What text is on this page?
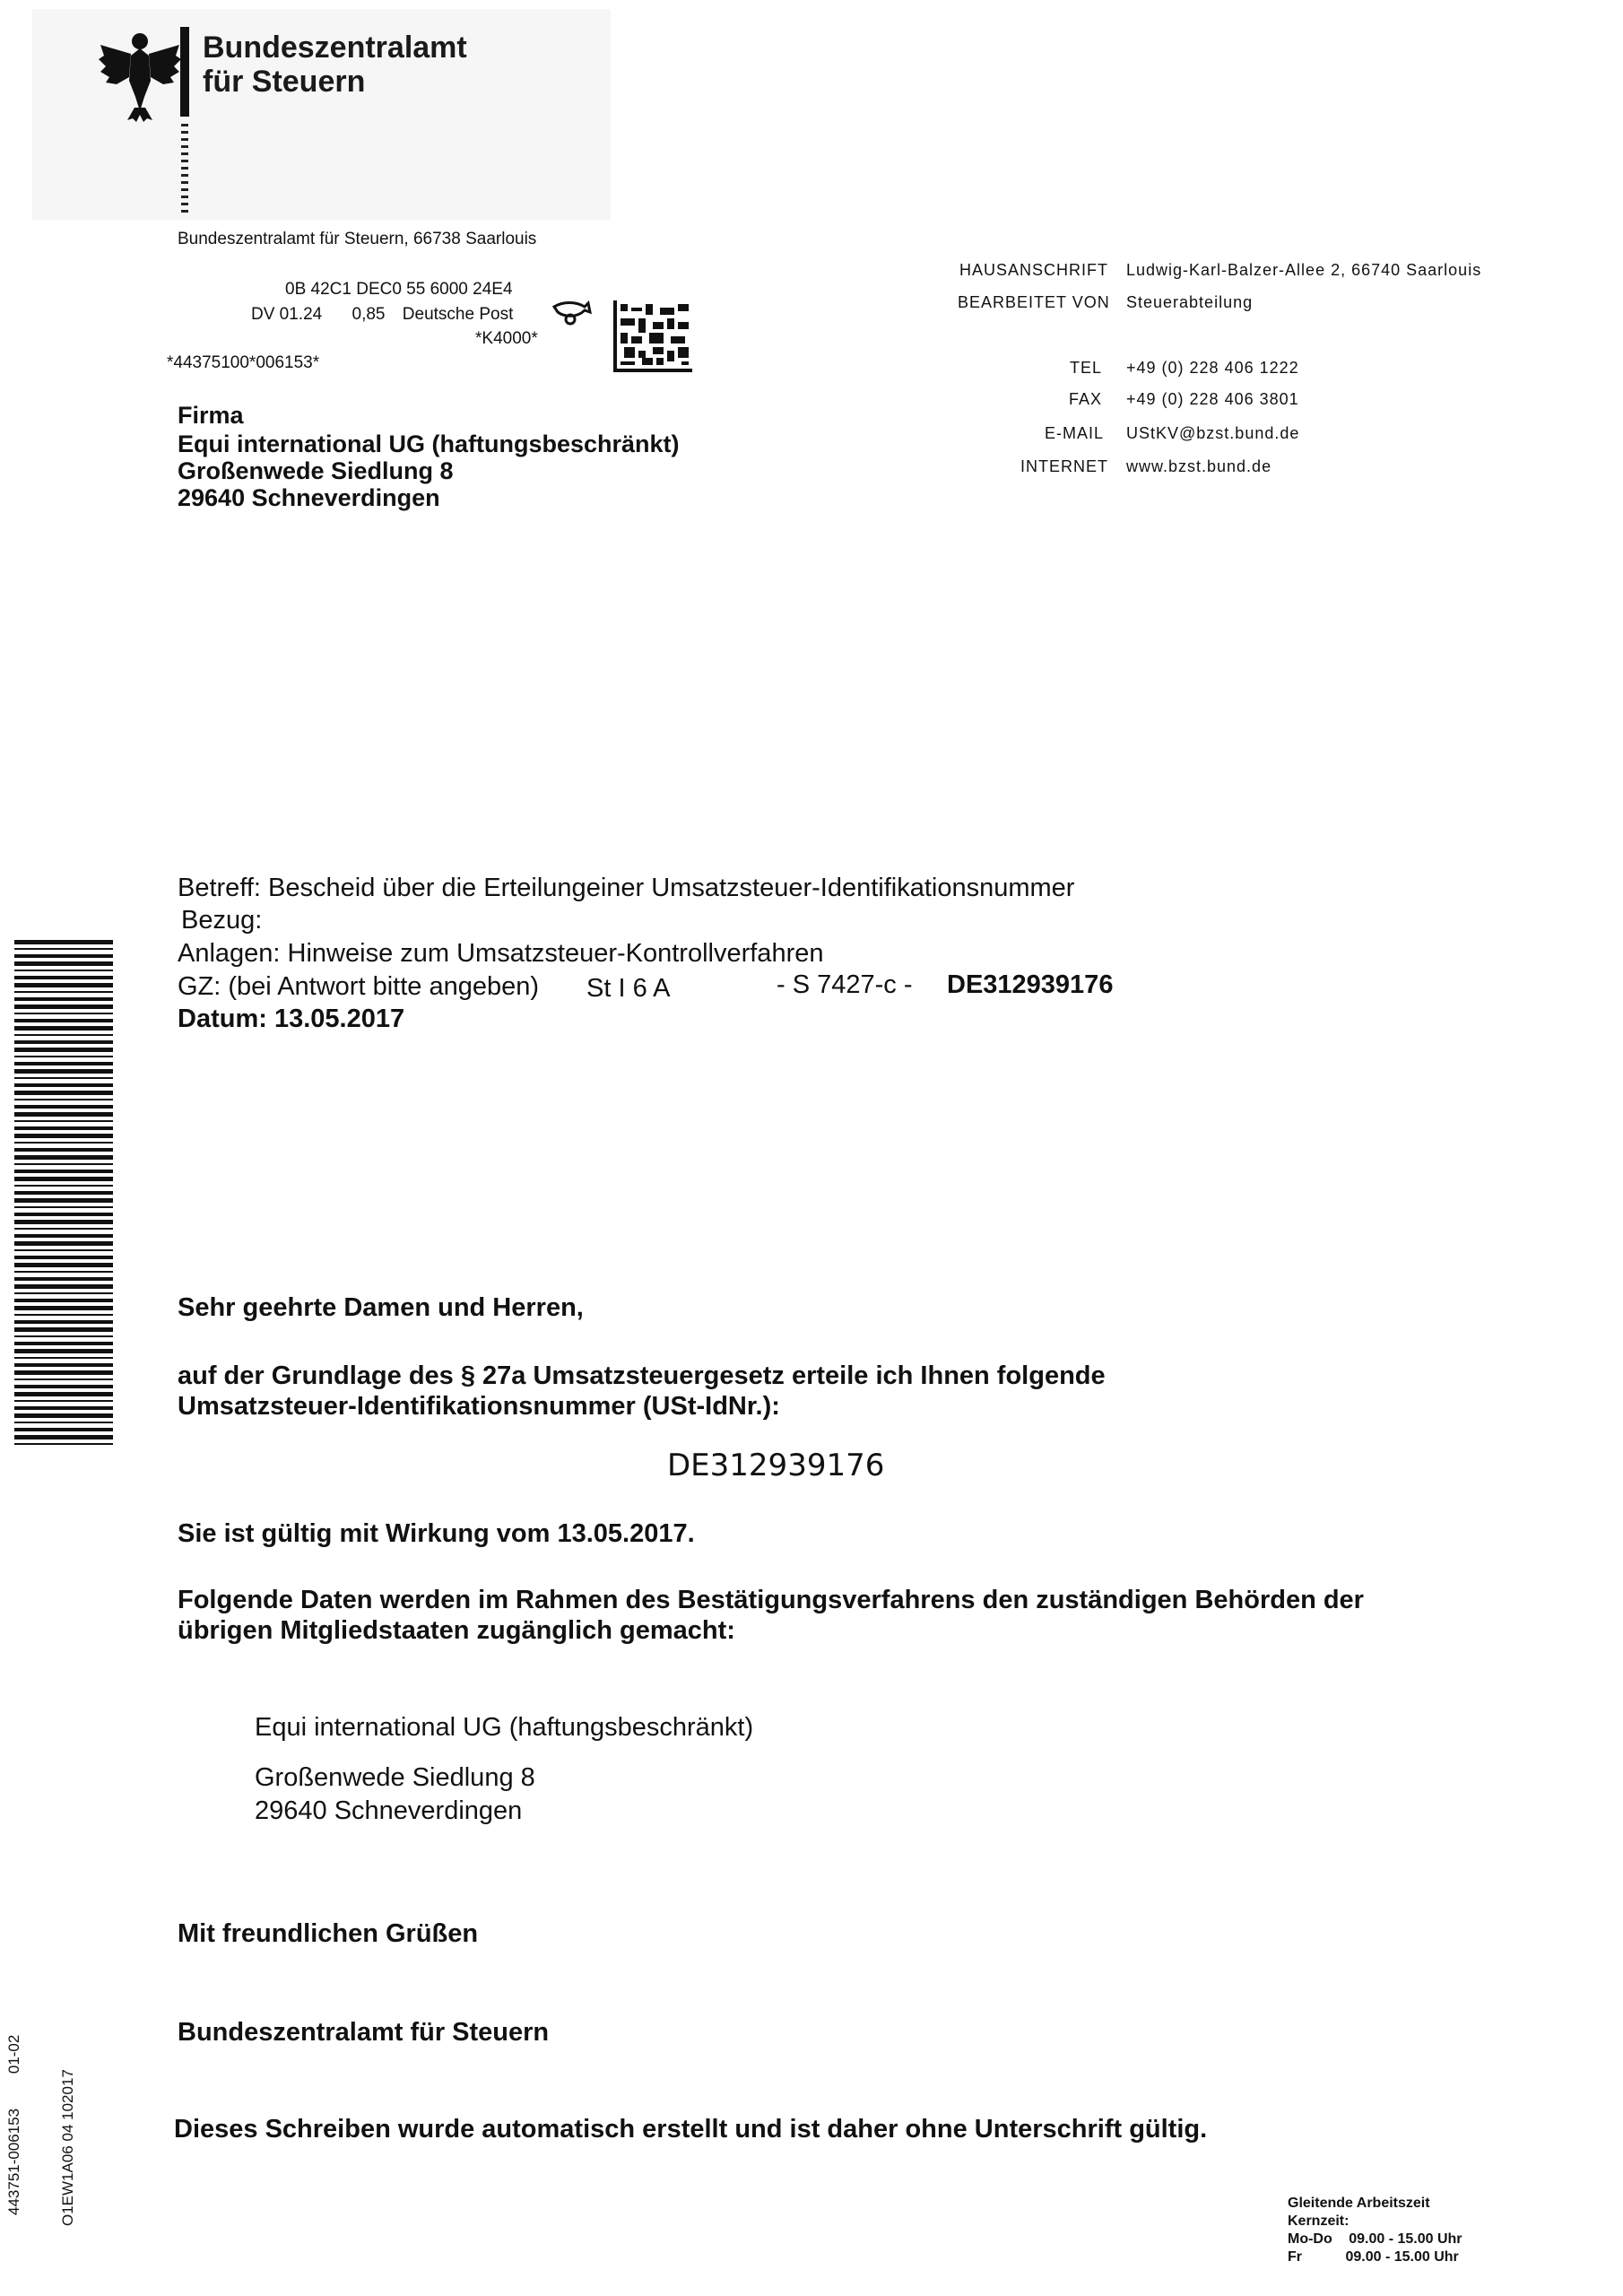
Bundeszentralamt
für Steuern
Bundeszentralamt für Steuern, 66738 Saarlouis
0B 42C1 DEC0 55 6000 24E4
DV 01.24 0,85 Deutsche Post
*K4000*
*44375100*006153*
Firma
Equi international UG (haftungsbeschränkt)
Großenwede Siedlung 8
29640 Schneverdingen
HAUSANSCHRIFT Ludwig-Karl-Balzer-Allee 2, 66740 Saarlouis
BEARBEITET VON Steuerabteilung
TEL +49 (0) 228 406 1222
FAX +49 (0) 228 406 3801
E-MAIL UStKV@bzst.bund.de
INTERNET www.bzst.bund.de
Betreff: Bescheid über die Erteilungeiner Umsatzsteuer-Identifikationsnummer
Bezug:
Anlagen: Hinweise zum Umsatzsteuer-Kontrollverfahren
GZ: (bei Antwort bitte angeben) St I 6 A	- S 7427-c - DE312939176
Datum: 13.05.2017
Sehr geehrte Damen und Herren,
auf der Grundlage des § 27a Umsatzsteuergesetz erteile ich Ihnen folgende
Umsatzsteuer-Identifikationsnummer (USt-IdNr.):
DE312939176
Sie ist gültig mit Wirkung vom 13.05.2017.
Folgende Daten werden im Rahmen des Bestätigungsverfahrens den zuständigen Behörden der
übrigen Mitgliedstaaten zugänglich gemacht:
Equi international UG (haftungsbeschränkt)
Großenwede Siedlung 8
29640 Schneverdingen
Mit freundlichen Grüßen
Bundeszentralamt für Steuern
Dieses Schreiben wurde automatisch erstellt und ist daher ohne Unterschrift gültig.
443751-006153 01-02
O1EW1A06 04 102017	Gleitende Arbeitszeit
Kernzeit:
Mo-Do 09.00 - 15.00 Uhr
Fr	09.00 - 15.00 Uhr
